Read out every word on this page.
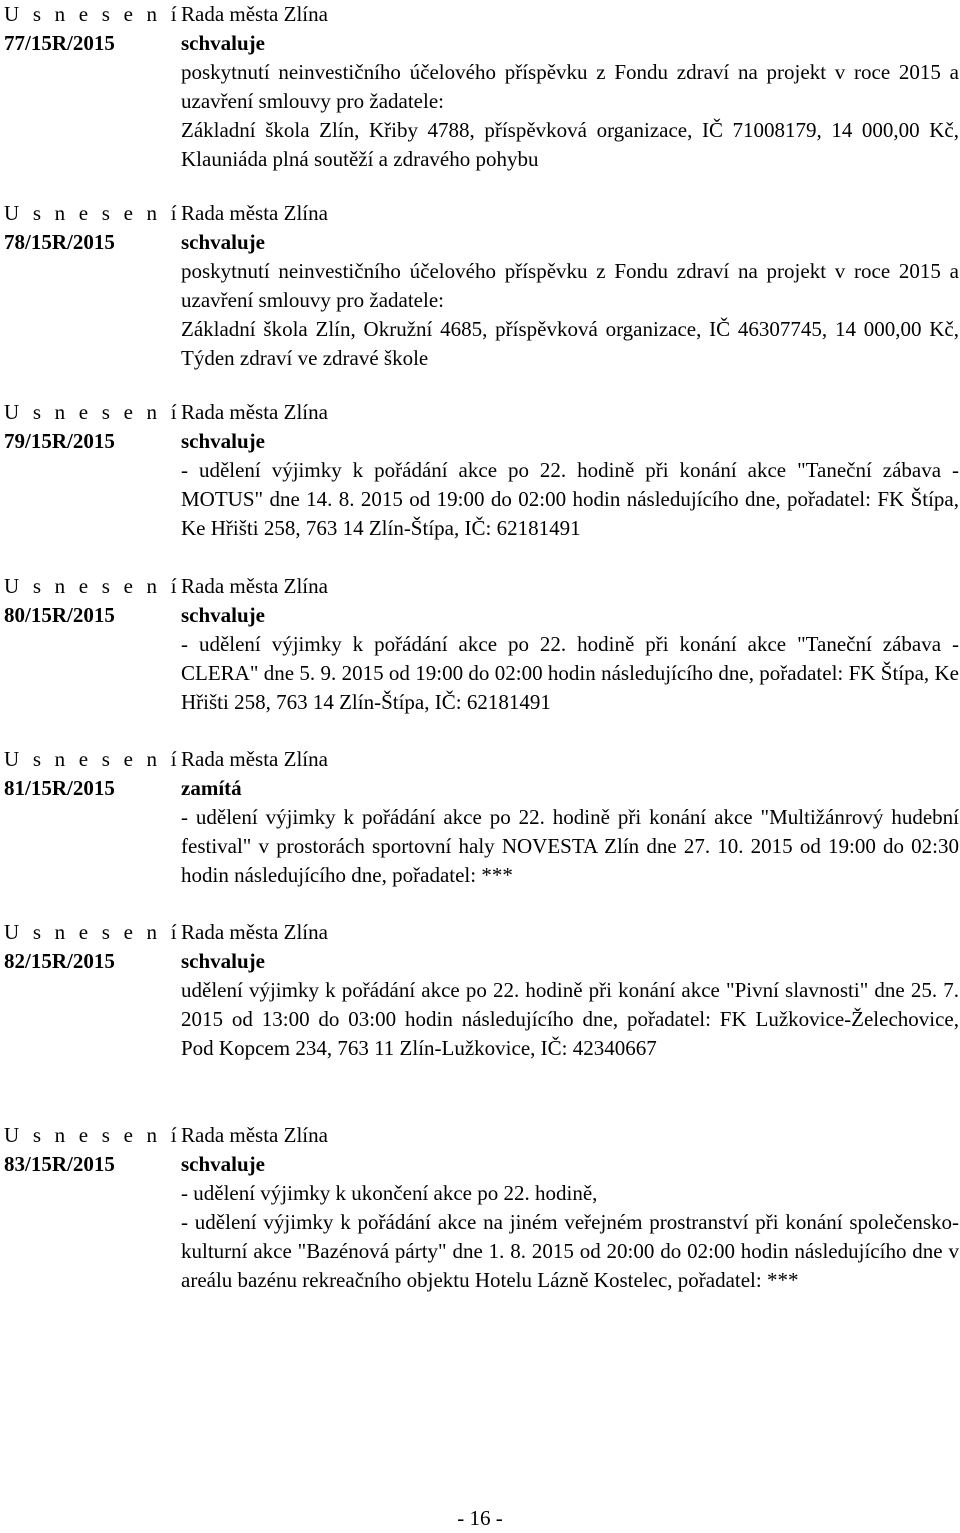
U s n e s e n í
77/15R/2015
Rada města Zlína
schvaluje

poskytnutí neinvestičního účelového příspěvku z Fondu zdraví na projekt v roce 2015 a uzavření smlouvy pro žadatele:

Základní škola Zlín, Křiby 4788, příspěvková organizace, IČ 71008179, 14 000,00 Kč, Klauniáda plná soutěží a zdravého pohybu

U s n e s e n í
78/15R/2015
Rada města Zlína
schvaluje

poskytnutí neinvestičního účelového příspěvku z Fondu zdraví na projekt v roce 2015 a uzavření smlouvy pro žadatele:

Základní škola Zlín, Okružní 4685, příspěvková organizace, IČ 46307745, 14 000,00 Kč, Týden zdraví ve zdravé škole

U s n e s e n í
79/15R/2015
Rada města Zlína
schvaluje

- udělení výjimky k pořádání akce po 22. hodině při konání akce "Taneční zábava - MOTUS" dne 14. 8. 2015 od 19:00 do 02:00 hodin následujícího dne, pořadatel: FK Štípa, Ke Hřišti 258, 763 14 Zlín-Štípa, IČ: 62181491

U s n e s e n í
80/15R/2015
Rada města Zlína
schvaluje

- udělení výjimky k pořádání akce po 22. hodině při konání akce "Taneční zábava - CLERA" dne 5. 9. 2015 od 19:00 do 02:00 hodin následujícího dne, pořadatel: FK Štípa, Ke Hřišti 258, 763 14 Zlín-Štípa, IČ: 62181491

U s n e s e n í
81/15R/2015
Rada města Zlína
zamítá

- udělení výjimky k pořádání akce po 22. hodině při konání akce "Multižánrový hudební festival" v prostorách sportovní haly NOVESTA Zlín dne 27. 10. 2015 od 19:00 do 02:30 hodin následujícího dne, pořadatel: ***

U s n e s e n í
82/15R/2015
Rada města Zlína
schvaluje

udělení výjimky k pořádání akce po 22. hodině při konání akce "Pivní slavnosti" dne 25. 7. 2015 od 13:00 do 03:00 hodin následujícího dne, pořadatel: FK Lužkovice-Želechovice, Pod Kopcem 234, 763 11 Zlín-Lužkovice, IČ: 42340667

U s n e s e n í
83/15R/2015
Rada města Zlína
schvaluje

- udělení výjimky k ukončení akce po 22. hodině,

- udělení výjimky k pořádání akce na jiném veřejném prostranství při konání společensko-kulturní akce "Bazénová párty" dne 1. 8. 2015 od 20:00 do 02:00 hodin následujícího dne v areálu bazénu rekreačního objektu Hotelu Lázně Kostelec, pořadatel: ***

- 16 -
